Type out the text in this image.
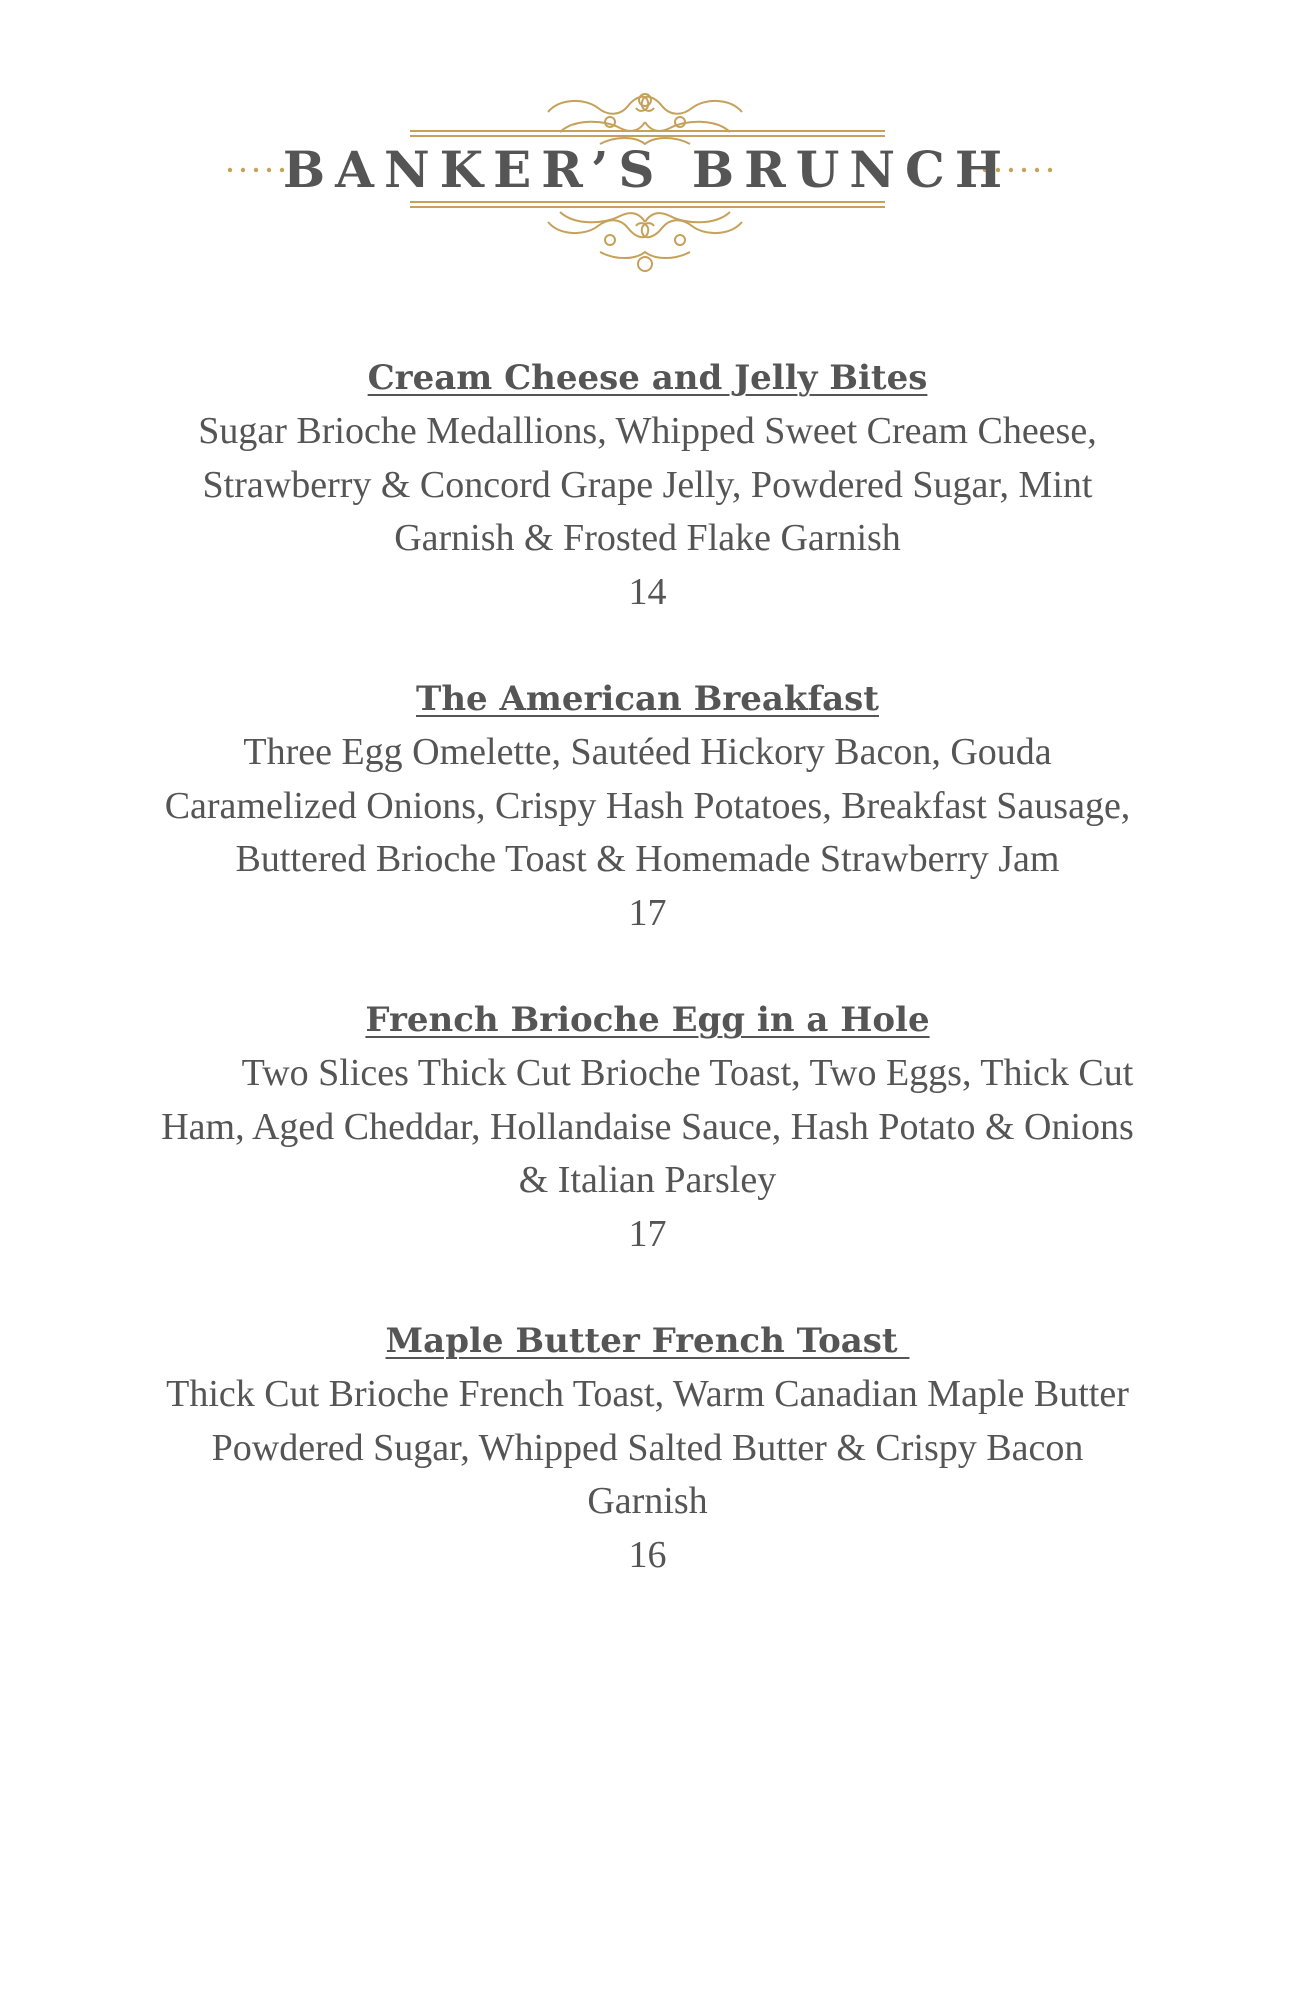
BANKER’S BRUNCH
Cream Cheese and Jelly Bites
Sugar Brioche Medallions, Whipped Sweet Cream Cheese, Strawberry & Concord Grape Jelly, Powdered Sugar, Mint Garnish & Frosted Flake Garnish
14
The American Breakfast
Three Egg Omelette, Sautéed Hickory Bacon, Gouda Caramelized Onions, Crispy Hash Potatoes, Breakfast Sausage, Buttered Brioche Toast & Homemade Strawberry Jam
17
French Brioche Egg in a Hole
Two Slices Thick Cut Brioche Toast, Two Eggs, Thick Cut Ham, Aged Cheddar, Hollandaise Sauce, Hash Potato & Onions & Italian Parsley
17
Maple Butter French Toast
Thick Cut Brioche French Toast, Warm Canadian Maple Butter Powdered Sugar, Whipped Salted Butter & Crispy Bacon Garnish
16
